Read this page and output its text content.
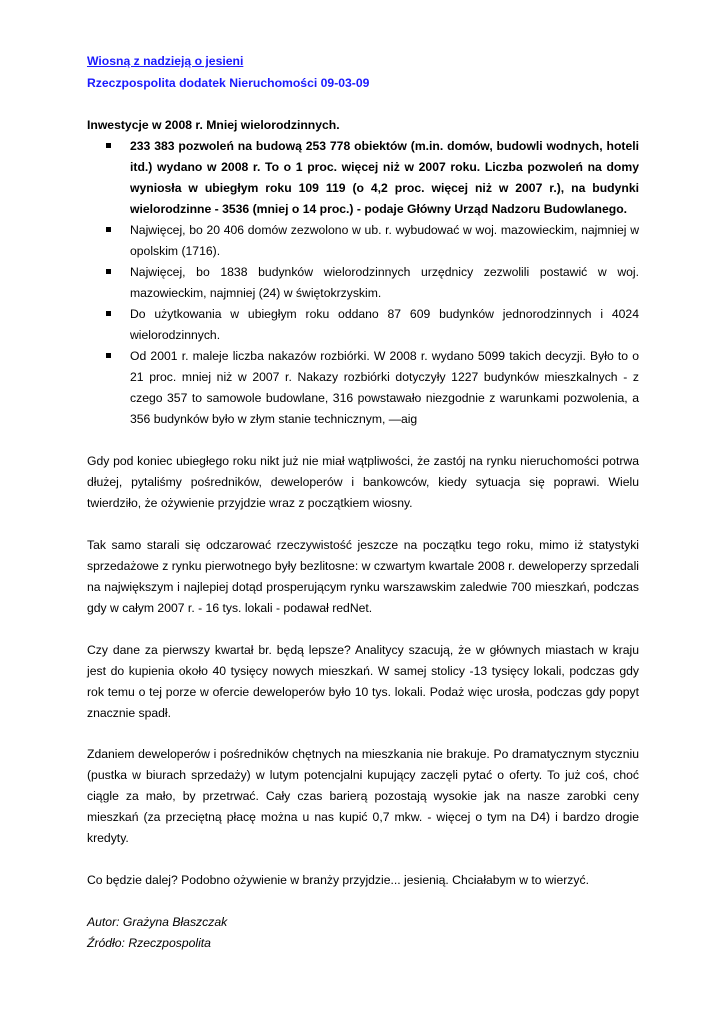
Wiosną z nadzieją o jesieni
Rzeczpospolita dodatek Nieruchomości 09-03-09
Inwestycje w 2008 r. Mniej wielorodzinnych.
233 383 pozwoleń na budową 253 778 obiektów (m.in. domów, budowli wodnych, hoteli itd.) wydano w 2008 r. To o 1 proc. więcej niż w 2007 roku. Liczba pozwoleń na domy wyniosła w ubiegłym roku 109 119 (o 4,2 proc. więcej niż w 2007 r.), na budynki wielorodzinne - 3536 (mniej o 14 proc.) - podaje Główny Urząd Nadzoru Budowlanego.
Najwięcej, bo 20 406 domów zezwolono w ub. r. wybudować w woj. mazowieckim, najmniej w opolskim (1716).
Najwięcej, bo 1838 budynków wielorodzinnych urzędnicy zezwolili postawić w woj. mazowieckim, najmniej (24) w świętokrzyskim.
Do użytkowania w ubiegłym roku oddano 87 609 budynków jednorodzinnych i 4024 wielorodzinnych.
Od 2001 r. maleje liczba nakazów rozbiórki. W 2008 r. wydano 5099 takich decyzji. Było to o 21 proc. mniej niż w 2007 r. Nakazy rozbiórki dotyczyły 1227 budynków mieszkalnych - z czego 357 to samowole budowlane, 316 powstawało niezgodnie z warunkami pozwolenia, a 356 budynków było w złym stanie technicznym, —aig

Gdy pod koniec ubiegłego roku nikt już nie miał wątpliwości, że zastój na rynku nieruchomości potrwa dłużej, pytaliśmy pośredników, deweloperów i bankowców, kiedy sytuacja się poprawi. Wielu twierdziło, że ożywienie przyjdzie wraz z początkiem wiosny.

Tak samo starali się odczarować rzeczywistość jeszcze na początku tego roku, mimo iż statystyki sprzedażowe z rynku pierwotnego były bezlitosne: w czwartym kwartale 2008 r. deweloperzy sprzedali na największym i najlepiej dotąd prosperującym rynku warszawskim zaledwie 700 mieszkań, podczas gdy w całym 2007 r. - 16 tys. lokali - podawał redNet.

Czy dane za pierwszy kwartał br. będą lepsze? Analitycy szacują, że w głównych miastach w kraju jest do kupienia około 40 tysięcy nowych mieszkań. W samej stolicy -13 tysięcy lokali, podczas gdy rok temu o tej porze w ofercie deweloperów było 10 tys. lokali. Podaż więc urosła, podczas gdy popyt znacznie spadł.

Zdaniem deweloperów i pośredników chętnych na mieszkania nie brakuje. Po dramatycznym styczniu (pustka w biurach sprzedaży) w lutym potencjalni kupujący zaczęli pytać o oferty. To już coś, choć ciągle za mało, by przetrwać. Cały czas barierą pozostają wysokie jak na nasze zarobki ceny mieszkań (za przeciętną płacę można u nas kupić 0,7 mkw. - więcej o tym na D4) i bardzo drogie kredyty.

Co będzie dalej? Podobno ożywienie w branży przyjdzie... jesienią. Chciałabym w to wierzyć.

Autor: Grażyna Błaszczak
Źródło: Rzeczpospolita
